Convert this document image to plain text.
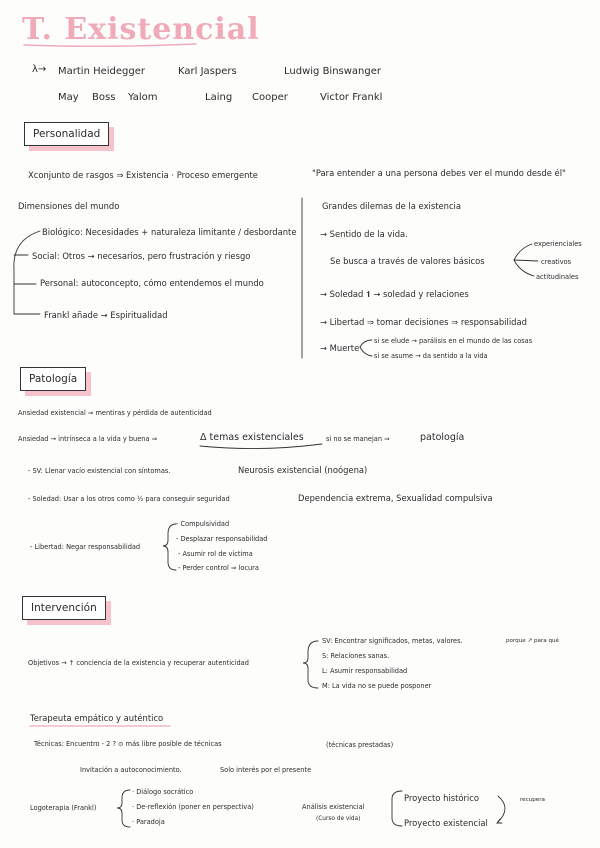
T. Existencial
λ→ Martin Heidegger	Karl Jaspers	Ludwig Binswanger
May Boss Yalom	Laing Cooper	Victor Frankl
Personalidad
Xconjunto de rasgos ⇒ Existencia · Proceso emergente	"Para entender a una persona debes ver el mundo desde él"
Dimensiones del mundo
Biológico: Necesidades + naturaleza limitante / desbordante
Social: Otros → necesarios, pero frustración y riesgo
Personal: autoconcepto, cómo entendemos el mundo
Frankl añade → Espiritualidad
Grandes dilemas de la existencia
→ Sentido de la vida.
Se busca a través de valores básicos
experienciales
creativos
actitudinales
→ Soledad 𝟏 → soledad y relaciones
→ Libertad ⇒ tomar decisiones ⇒ responsabilidad
→ Muerte
si se elude → parálisis en el mundo de las cosas
si se asume → da sentido a la vida
Patología
Ansiedad existencial ⇒ mentiras y pérdida de autenticidad
Ansiedad → intrínseca a la vida y buena ⇒	Δ temas existenciales	si no se manejan ⇒	patología
- SV: Llenar vacío existencial con síntomas.	Neurosis existencial (noógena)
- Soledad: Usar a los otros como ½ para conseguir seguridad	Dependencia extrema, Sexualidad compulsiva
- Libertad: Negar responsabilidad
- Compulsividad
- Desplazar responsabilidad
- Asumir rol de víctima
- Perder control ⇒ locura
Intervención
Objetivos → ↑ conciencia de la existencia y recuperar autenticidad
SV: Encontrar significados, metas, valores.	porque ↗ para qué
S: Relaciones sanas.
L: Asumir responsabilidad
M: La vida no se puede posponer
Terapeuta empático y auténtico
Técnicas: Encuentro - 2 ? ⊙ más libre posible de técnicas	(técnicas prestadas)
Invitación a autoconocimiento.	Solo interés por el presente
Logoterapia (Frankl)
· Diálogo socrático
· De-reflexión (poner en perspectiva)
· Paradoja
Análisis existencial
(Curso de vida)
Proyecto histórico
Proyecto existencial
recupera
